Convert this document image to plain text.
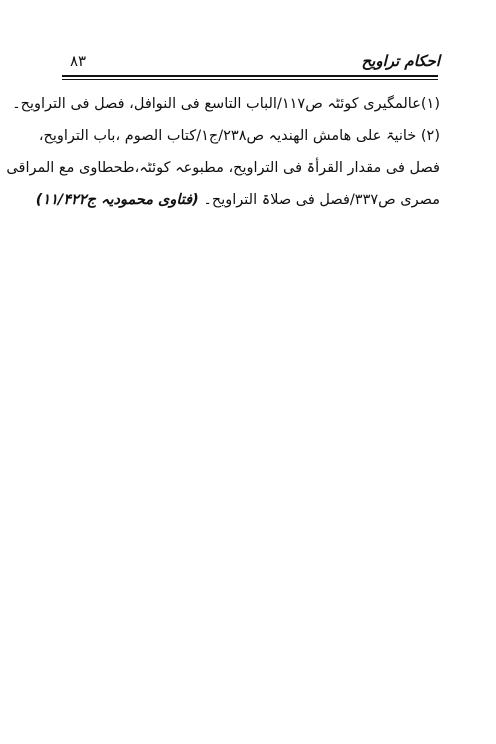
احکام تراویح
۸۳
(۱)عالمگیری کوئٹہ ص۱۱۷/الباب التاسع فی النوافل، فصل فی التراویح۔
(۲) خانیۃ علی ھامش الھندیہ ص۲۳۸/ج۱/کتاب الصوم ،باب التراویح،
فصل فی مقدار القرأۃ فی التراویح، مطبوعہ کوئٹہ،طحطاوی مع المراقی
مصری ص۳۳۷/فصل فی صلاۃ التراویح۔ (فتاوی محمودیہ ج۱۱/۴۲۲)
